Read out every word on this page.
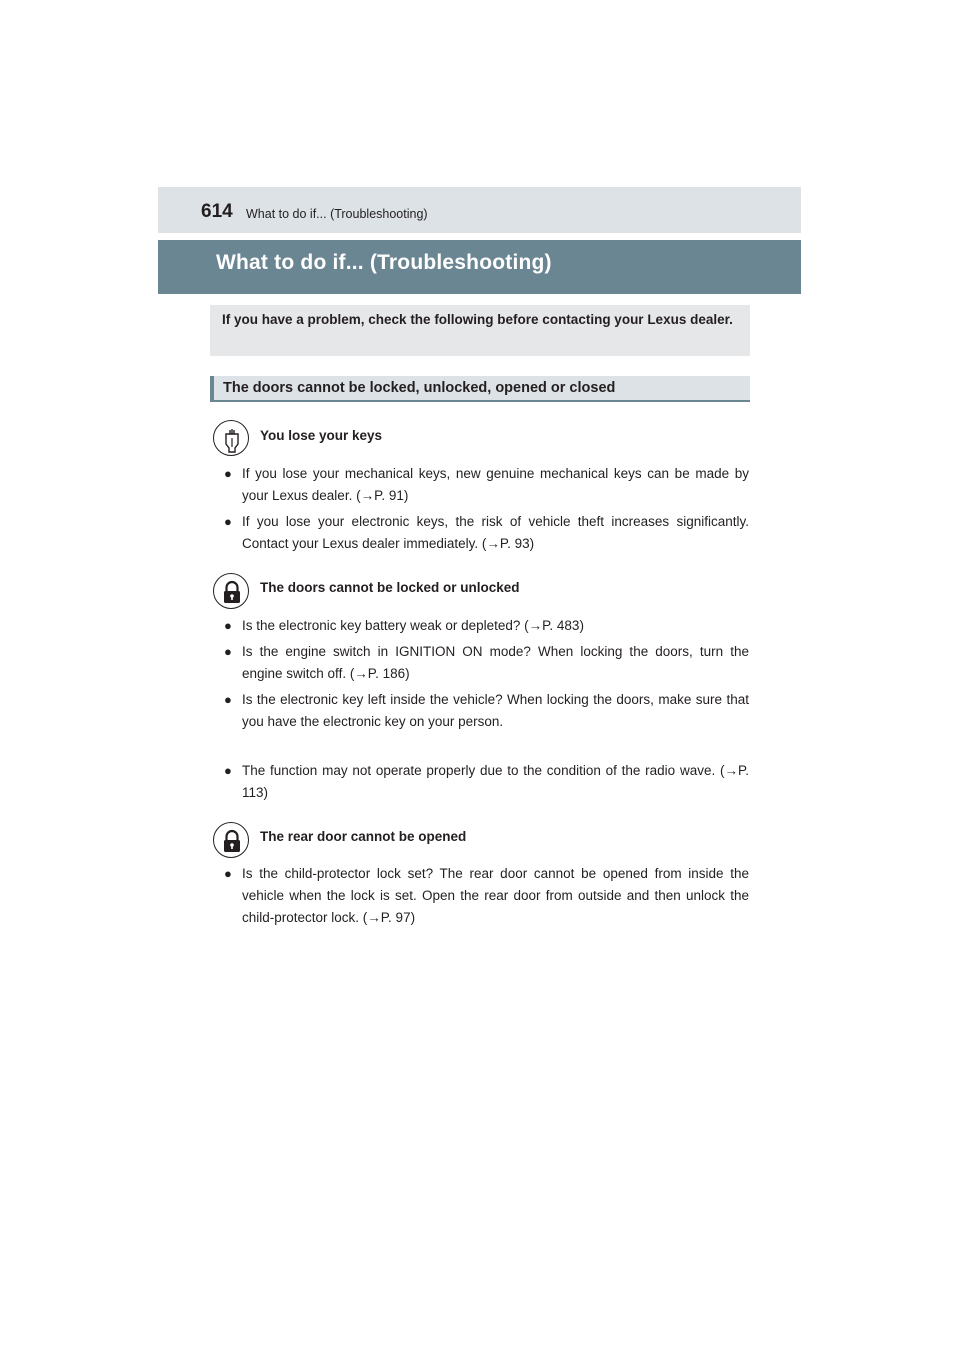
614 What to do if... (Troubleshooting)
What to do if... (Troubleshooting)
If you have a problem, check the following before contacting your Lexus dealer.
The doors cannot be locked, unlocked, opened or closed
You lose your keys
● If you lose your mechanical keys, new genuine mechanical keys can be made by your Lexus dealer. (→P. 91)
● If you lose your electronic keys, the risk of vehicle theft increases significantly. Contact your Lexus dealer immediately. (→P. 93)
The doors cannot be locked or unlocked
● Is the electronic key battery weak or depleted? (→P. 483)
● Is the engine switch in IGNITION ON mode? When locking the doors, turn the engine switch off. (→P. 186)
● Is the electronic key left inside the vehicle? When locking the doors, make sure that you have the electronic key on your person.
● The function may not operate properly due to the condition of the radio wave. (→P. 113)
The rear door cannot be opened
● Is the child-protector lock set? The rear door cannot be opened from inside the vehicle when the lock is set. Open the rear door from outside and then unlock the child-protector lock. (→P. 97)
